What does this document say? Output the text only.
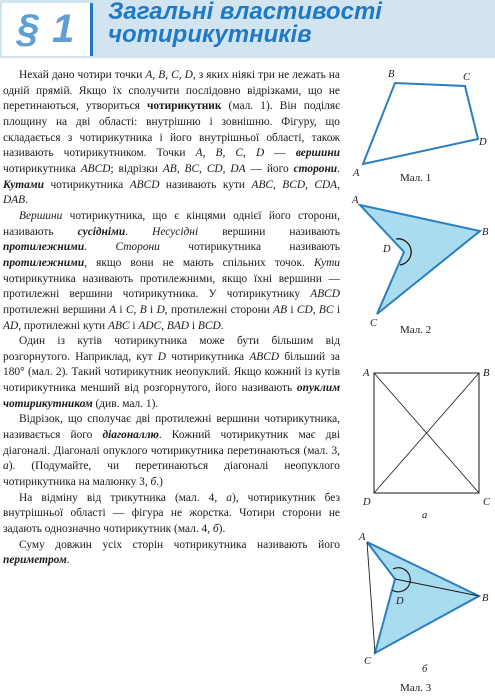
§ 1	Загальні властивості
чотирикутників

Нехай дано чотири точки A, B, C, D, з яких ніякі три не лежать на одній прямій. Якщо їх сполучити послідовно відрізками, що не перетинаються, утвориться чотирикутник (мал. 1). Він поділяє площину на дві області: внутрішню і зовнішню. Фігуру, що складається з чотирикутника і його внутрішньої області, також називають чотирикутником. Точки A, B, C, D — вершини чотирикутника ABCD; відрізки AB, BC, CD, DA — його сторони. Кутами чотирикутника ABCD називають кути ABC, BCD, CDA, DAB.

Вершини чотирикутника, що є кінцями однієї його сторони, називають сусідніми. Несусідні вершини називають протилежними. Сторони чотирикутника називають протилежними, якщо вони не мають спільних точок. Кути чотирикутника називають протилежними, якщо їхні вершини — протилежні вершини чотирикутника. У чотирикутнику ABCD протилежні вершини A і C, B і D, протилежні сторони AB і CD, BC і AD, протилежні кути ABC і ADC, BAD і BCD.

Один із кутів чотирикутника може бути більшим від розгорнутого. Наприклад, кут D чотирикутника ABCD більший за 180° (мал. 2). Такий чотирикутник неопуклий. Якщо кожний із кутів чотирикутника менший від розгорнутого, його називають опуклим чотирикутником (див. мал. 1).

Відрізок, що сполучає дві протилежні вершини чотирикутника, називається його діагоналлю. Кожний чотирикутник має дві діагоналі. Діагоналі опуклого чотирикутника перетинаються (мал. 3, а). (Подумайте, чи перетинаються діагоналі неопуклого чотирикутника на малюнку 3, б.)

На відміну від трикутника (мал. 4, а), чотирикутник без внутрішньої області — фігура не жорстка. Чотири сторони не задають однозначно чотирикутник (мал. 4, б).

Суму довжин усіх сторін чотирикутника називають його периметром.

A
B	C
D
Мал. 1
A
B
C
D
Мал. 2
A	B
C
D
а
A
B
C
D
б
Мал. 3
